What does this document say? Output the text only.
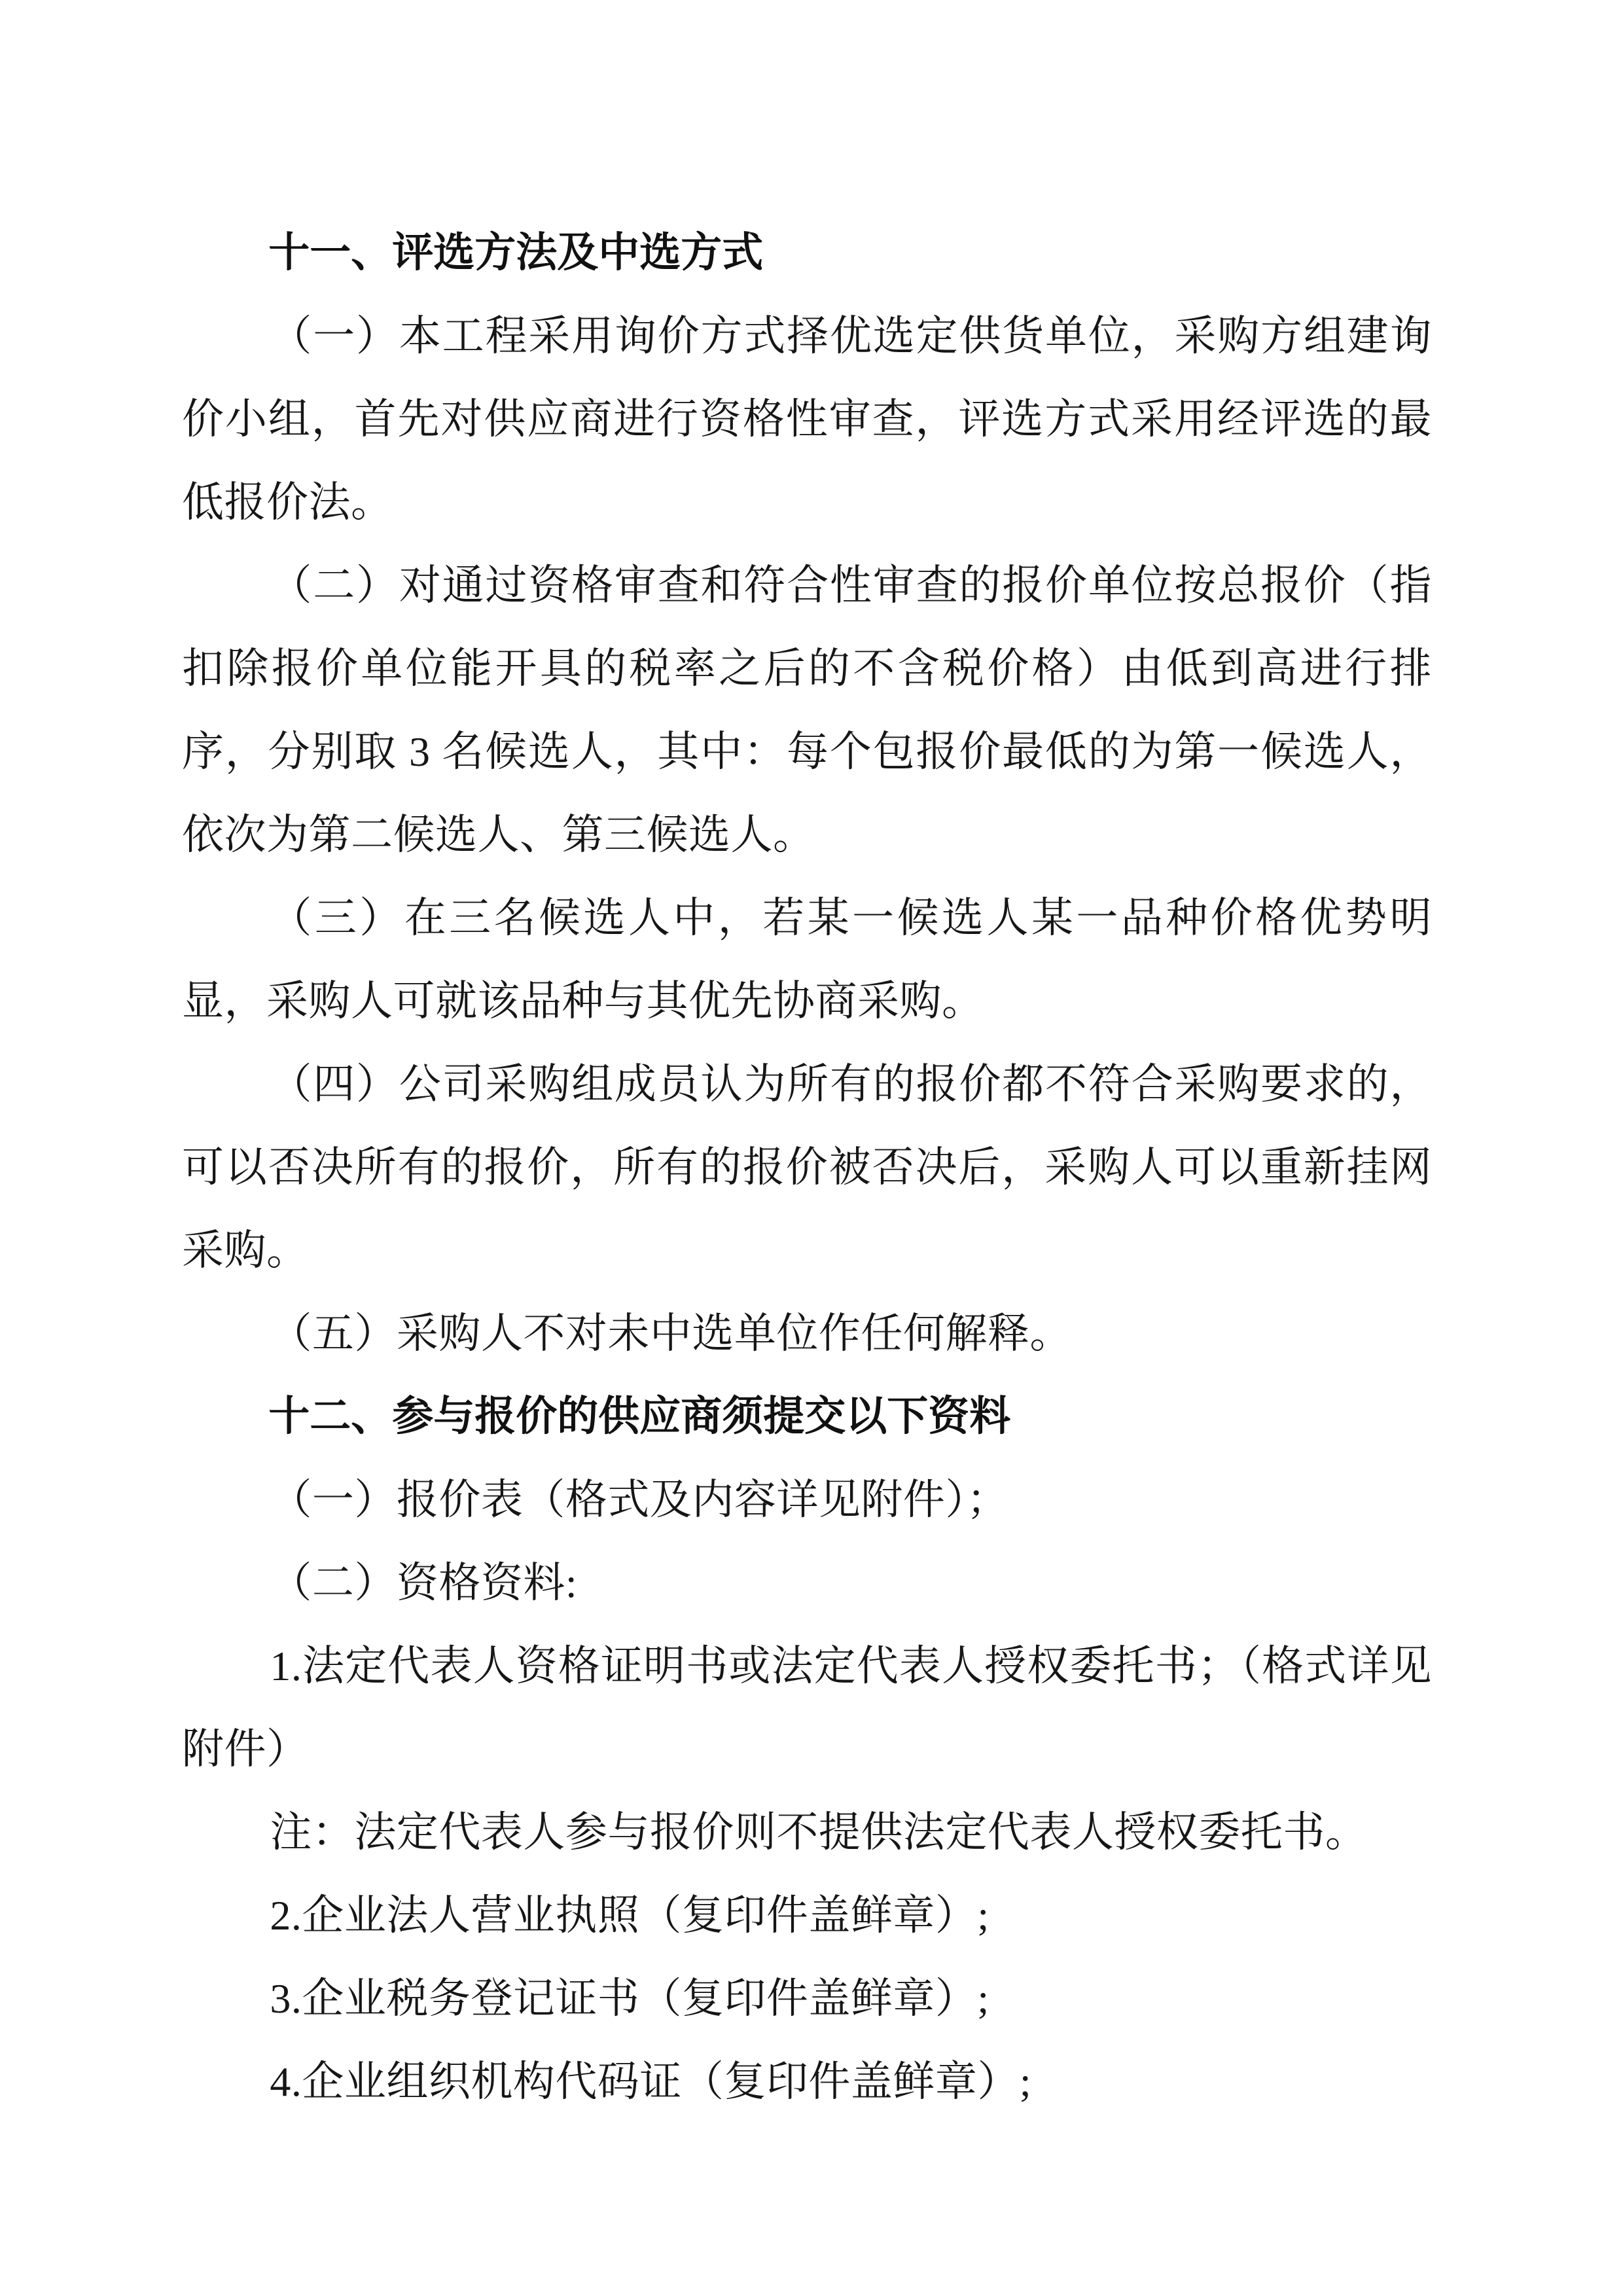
十一、评选方法及中选方式

（一）本工程采用询价方式择优选定供货单位，采购方组建询价小组，首先对供应商进行资格性审查，评选方式采用经评选的最低报价法。

（二）对通过资格审查和符合性审查的报价单位按总报价（指扣除报价单位能开具的税率之后的不含税价格）由低到高进行排序，分别取 3 名候选人，其中：每个包报价最低的为第一候选人，依次为第二候选人、第三候选人。

（三）在三名候选人中，若某一候选人某一品种价格优势明显，采购人可就该品种与其优先协商采购。

（四）公司采购组成员认为所有的报价都不符合采购要求的，可以否决所有的报价，所有的报价被否决后，采购人可以重新挂网采购。

（五）采购人不对未中选单位作任何解释。

十二、参与报价的供应商须提交以下资料

（一）报价表（格式及内容详见附件）；

（二）资格资料:

1.法定代表人资格证明书或法定代表人授权委托书；（格式详见附件）

注：法定代表人参与报价则不提供法定代表人授权委托书。

2.企业法人营业执照（复印件盖鲜章）;

3.企业税务登记证书（复印件盖鲜章）;

4.企业组织机构代码证（复印件盖鲜章）;
